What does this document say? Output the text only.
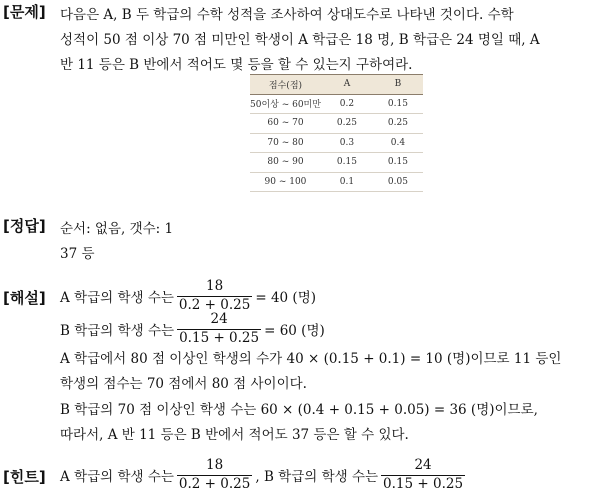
[문제] 다음은 A, B 두 학급의 수학 성적을 조사하여 상대도수로 나타낸 것이다. 수학
성적이 50 점 이상 70 점 미만인 학생이 A 학급은 18 명, B 학급은 24 명일 때, A
반 11 등은 B 반에서 적어도 몇 등을 할 수 있는지 구하여라.
점수(점)	A	B
50이상 ~ 60미만	0.2	0.15
60 ~ 70	0.25	0.25
70 ~ 80	0.3	0.4
80 ~ 90	0.15	0.15
90 ~ 100	0.1	0.05
[정답] 순서: 없음, 갯수: 1
37 등
[해설] A 학급의 학생 수는 $\frac{18}{0.2 + 0.25} = 40$ (명)
B 학급의 학생 수는 $\frac{24}{0.15 + 0.25} = 60$ (명)
A 학급에서 80 점 이상인 학생의 수가 40 × (0.15 + 0.1) = 10 (명)이므로 11 등인
학생의 점수는 70 점에서 80 점 사이이다.
B 학급의 70 점 이상인 학생 수는 60 × (0.4 + 0.15 + 0.05) = 36 (명)이므로,
따라서, A 반 11 등은 B 반에서 적어도 37 등은 할 수 있다.
[힌트] A 학급의 학생 수는 $\frac{18}{0.2 + 0.25}$ , B 학급의 학생 수는 $\frac{24}{0.15 + 0.25}$
